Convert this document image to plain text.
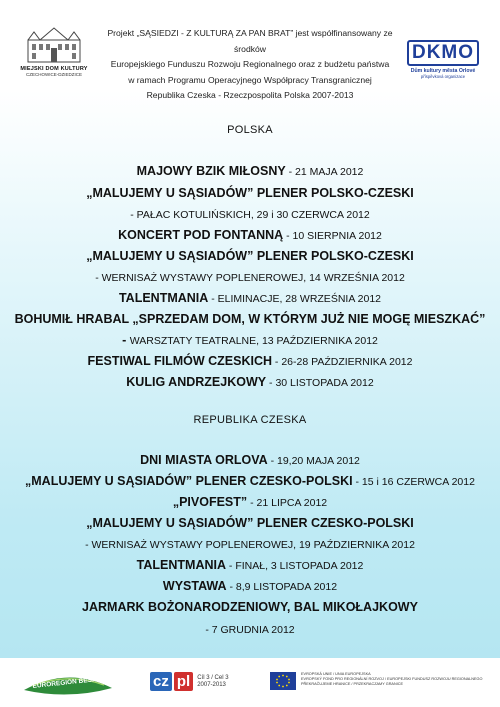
MIEJSKI DOM KULTURY
CZECHOWICE-DZIEDZICE
Projekt „SĄSIEDZI - Z KULTURĄ ZA PAN BRAT” jest współfinansowany ze środków
Europejskiego Funduszu Rozwoju Regionalnego oraz z budżetu państwa
w ramach Programu Operacyjnego Współpracy Transgranicznej
Republika Czeska - Rzeczpospolita Polska 2007-2013
DKMO
Dům kultury města Orlové
příspěvková organizace
POLSKA
MAJOWY BZIK MIŁOSNY - 21 MAJA 2012
„MALUJEMY U SĄSIADÓW” PLENER POLSKO-CZESKI
- PAŁAC KOTULIŃSKICH, 29 i 30 CZERWCA 2012
KONCERT POD FONTANNĄ - 10 SIERPNIA 2012
„MALUJEMY U SĄSIADÓW” PLENER POLSKO-CZESKI
- WERNISAŻ WYSTAWY POPLENEROWEJ, 14 WRZEŚNIA 2012
TALENTMANIA - ELIMINACJE, 28 WRZEŚNIA 2012
BOHUMIŁ HRABAL „SPRZEDAM DOM, W KTÓRYM JUŻ NIE MOGĘ MIESZKAĆ”
- WARSZTATY TEATRALNE, 13 PAŹDZIERNIKA 2012
FESTIWAL FILMÓW CZESKICH - 26-28 PAŹDZIERNIKA 2012
KULIG ANDRZEJKOWY - 30 LISTOPADA 2012
REPUBLIKA CZESKA
DNI MIASTA ORLOVA - 19,20 MAJA 2012
„MALUJEMY U SĄSIADÓW” PLENER CZESKO-POLSKI - 15 i 16 CZERWCA 2012
„PIVOFEST” - 21 LIPCA 2012
„MALUJEMY U SĄSIADÓW” PLENER CZESKO-POLSKI
- WERNISAŻ WYSTAWY POPLENEROWEJ, 19 PAŹDZIERNIKA 2012
TALENTMANIA - FINAŁ, 3 LISTOPADA 2012
WYSTAWA - 8,9 LISTOPADA 2012
JARMARK BOŻONARODZENIOWY, BAL MIKOŁAJKOWY
- 7 GRUDNIA 2012
EUROREGION BESKIDY	cz pl	Cíl 3 / Cel 3
2007-2013
EVROPSKÁ UNIE / UNIA EUROPEJSKA
EVROPSKÝ FOND PRO REGIONÁLNÍ ROZVOJ / EUROPEJSKI FUNDUSZ ROZWOJU REGIONALNEGO
PŘEKRAČUJEME HRANICE / PRZEKRACZAMY GRANICE
